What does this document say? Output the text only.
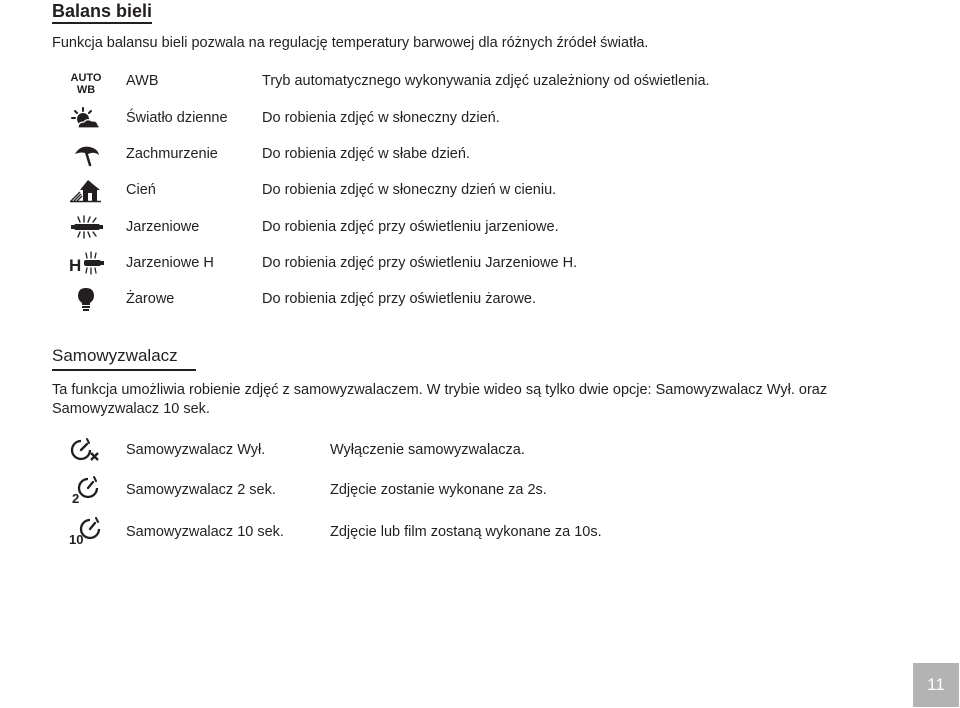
Balans bieli
Funkcja balansu bieli pozwala na regulację temperatury barwowej dla różnych źródeł światła.
AUTO
WB
AWB	Tryb automatycznego wykonywania zdjęć uzależniony od oświetlenia.
Światło dzienne Do robienia zdjęć w słoneczny dzień.
Zachmurzenie	Do robienia zdjęć w słabe dzień.
Cień	Do robienia zdjęć w słoneczny dzień w cieniu.
Jarzeniowe	Do robienia zdjęć przy oświetleniu jarzeniowe.
H	Jarzeniowe H	Do robienia zdjęć przy oświetleniu Jarzeniowe H.
Żarowe	Do robienia zdjęć przy oświetleniu żarowe.
Samowyzwalacz
Ta funkcja umożliwia robienie zdjęć z samowyzwalaczem. W trybie wideo są tylko dwie opcje: Samowyzwalacz Wył. oraz Samowyzwalacz 10 sek.
Samowyzwalacz Wył.	Wyłączenie samowyzwalacza.
2
Samowyzwalacz 2 sek.	Zdjęcie zostanie wykonane za 2s.
10	Samowyzwalacz 10 sek.	Zdjęcie lub film zostaną wykonane za 10s.
11
